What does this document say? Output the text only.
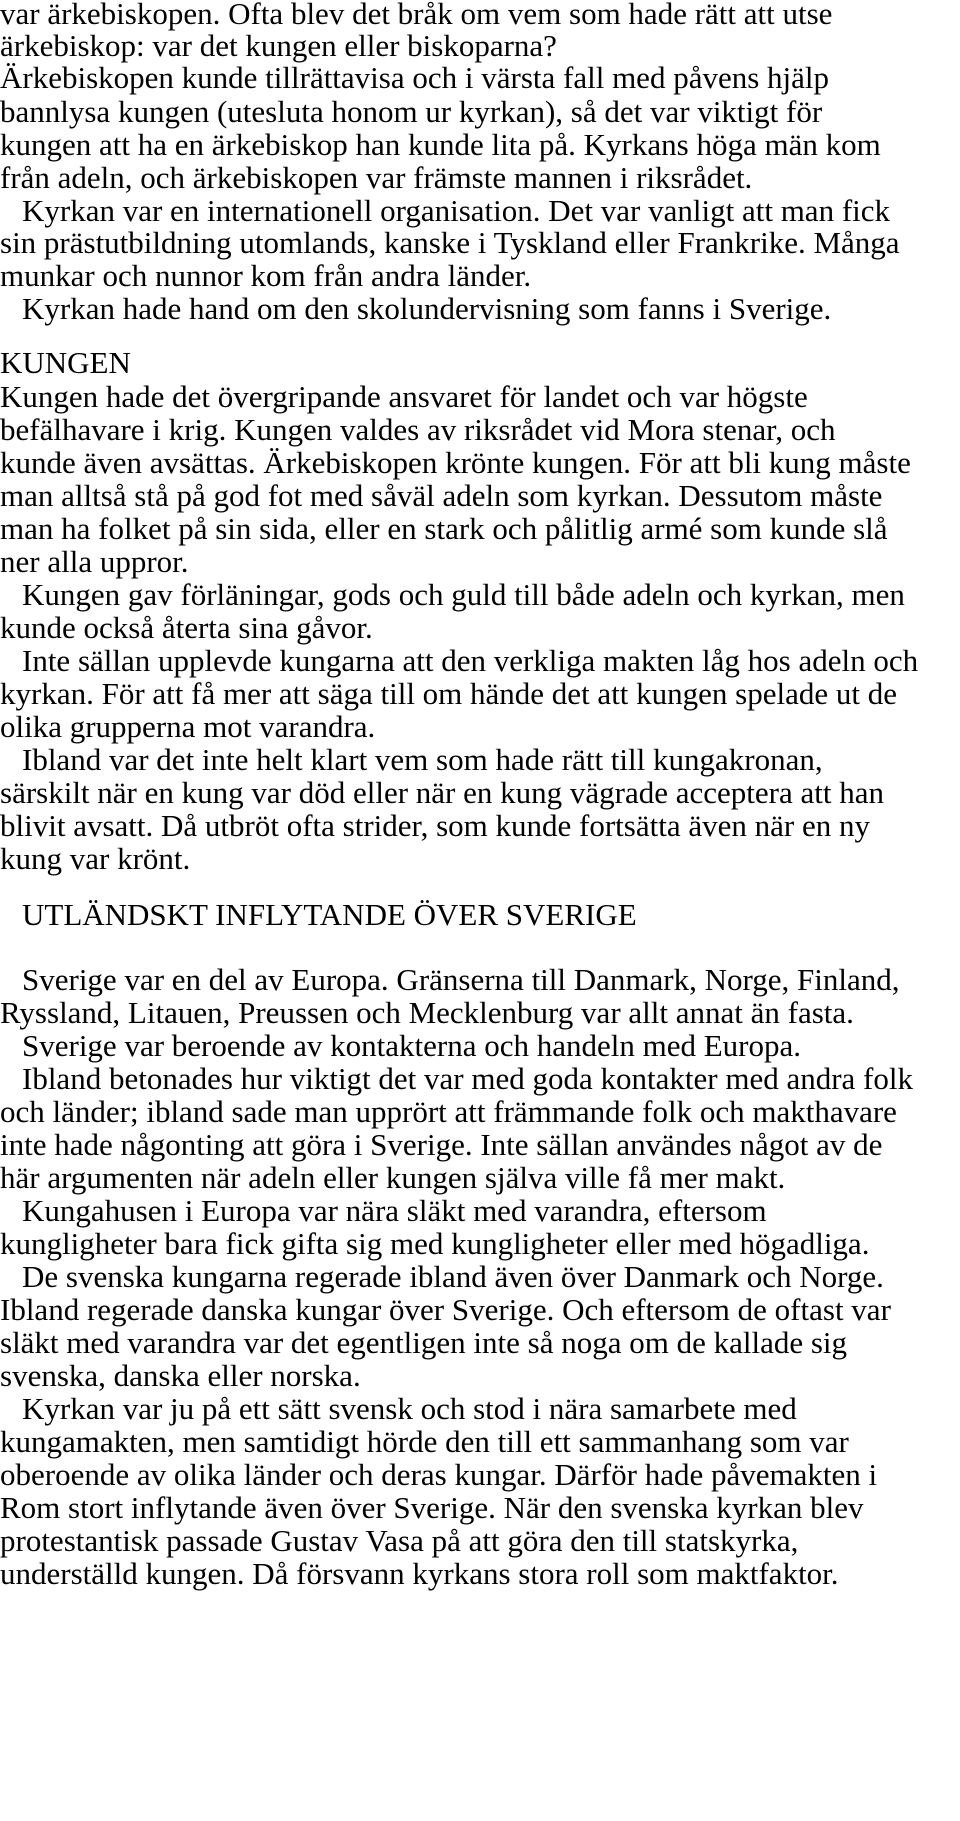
var ärkebiskopen. Ofta blev det bråk om vem som hade rätt att utse
ärkebiskop: var det kungen eller biskoparna?
Ärkebiskopen kunde tillrättavisa och i värsta fall med påvens hjälp
bannlysa kungen (utesluta honom ur kyrkan), så det var viktigt för
kungen att ha en ärkebiskop han kunde lita på. Kyrkans höga män kom
från adeln, och ärkebiskopen var främste mannen i riksrådet.
Kyrkan var en internationell organisation. Det var vanligt att man fick
sin prästutbildning utomlands, kanske i Tyskland eller Frankrike. Många
munkar och nunnor kom från andra länder.
Kyrkan hade hand om den skolundervisning som fanns i Sverige.
KUNGEN
Kungen hade det övergripande ansvaret för landet och var högste
befälhavare i krig. Kungen valdes av riksrådet vid Mora stenar, och
kunde även avsättas. Ärkebiskopen krönte kungen. För att bli kung måste
man alltså stå på god fot med såväl adeln som kyrkan. Dessutom måste
man ha folket på sin sida, eller en stark och pålitlig armé som kunde slå
ner alla uppror.
Kungen gav förläningar, gods och guld till både adeln och kyrkan, men
kunde också återta sina gåvor.
Inte sällan upplevde kungarna att den verkliga makten låg hos adeln och
kyrkan. För att få mer att säga till om hände det att kungen spelade ut de
olika grupperna mot varandra.
Ibland var det inte helt klart vem som hade rätt till kungakronan,
särskilt när en kung var död eller när en kung vägrade acceptera att han
blivit avsatt. Då utbröt ofta strider, som kunde fortsätta även när en ny
kung var krönt.
UTLÄNDSKT INFLYTANDE ÖVER SVERIGE
Sverige var en del av Europa. Gränserna till Danmark, Norge, Finland,
Ryssland, Litauen, Preussen och Mecklenburg var allt annat än fasta.
Sverige var beroende av kontakterna och handeln med Europa.
Ibland betonades hur viktigt det var med goda kontakter med andra folk
och länder; ibland sade man upprört att främmande folk och makthavare
inte hade någonting att göra i Sverige. Inte sällan användes något av de
här argumenten när adeln eller kungen själva ville få mer makt.
Kungahusen i Europa var nära släkt med varandra, eftersom
kungligheter bara fick gifta sig med kungligheter eller med högadliga.
De svenska kungarna regerade ibland även över Danmark och Norge.
Ibland regerade danska kungar över Sverige. Och eftersom de oftast var
släkt med varandra var det egentligen inte så noga om de kallade sig
svenska, danska eller norska.
Kyrkan var ju på ett sätt svensk och stod i nära samarbete med
kungamakten, men samtidigt hörde den till ett sammanhang som var
oberoende av olika länder och deras kungar. Därför hade påvemakten i
Rom stort inflytande även över Sverige. När den svenska kyrkan blev
protestantisk passade Gustav Vasa på att göra den till statskyrka,
underställd kungen. Då försvann kyrkans stora roll som maktfaktor.
